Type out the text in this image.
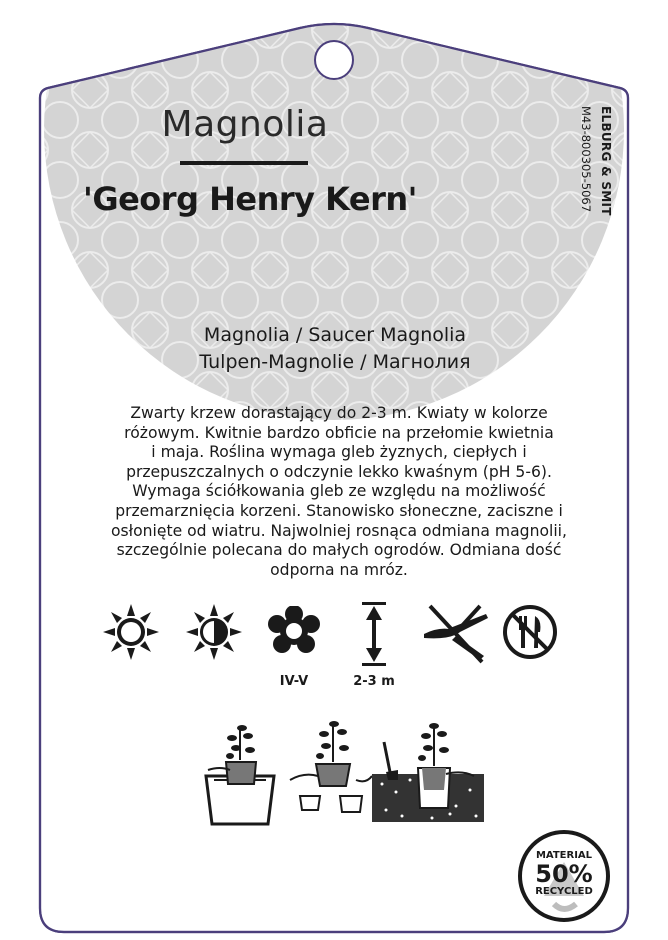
Magnolia
'Georg Henry Kern'	ELBURG & SMIT
M43-800305-5067
Magnolia / Saucer Magnolia
Tulpen-Magnolie / Магнолия
Zwarty krzew dorastający do 2-3 m. Kwiaty w kolorze
różowym. Kwitnie bardzo obficie na przełomie kwietnia
i maja. Roślina wymaga gleb żyznych, ciepłych i
przepuszczalnych o odczynie lekko kwaśnym (pH 5-6).
Wymaga ściółkowania gleb ze względu na możliwość
przemarznięcia korzeni. Stanowisko słoneczne, zaciszne i
osłonięte od wiatru. Najwolniej rosnąca odmiana magnolii,
szczególnie polecana do małych ogrodów. Odmiana dość
odporna na mróz.
IV-V	2-3 m
MATERIAL
50%
RECYCLED
